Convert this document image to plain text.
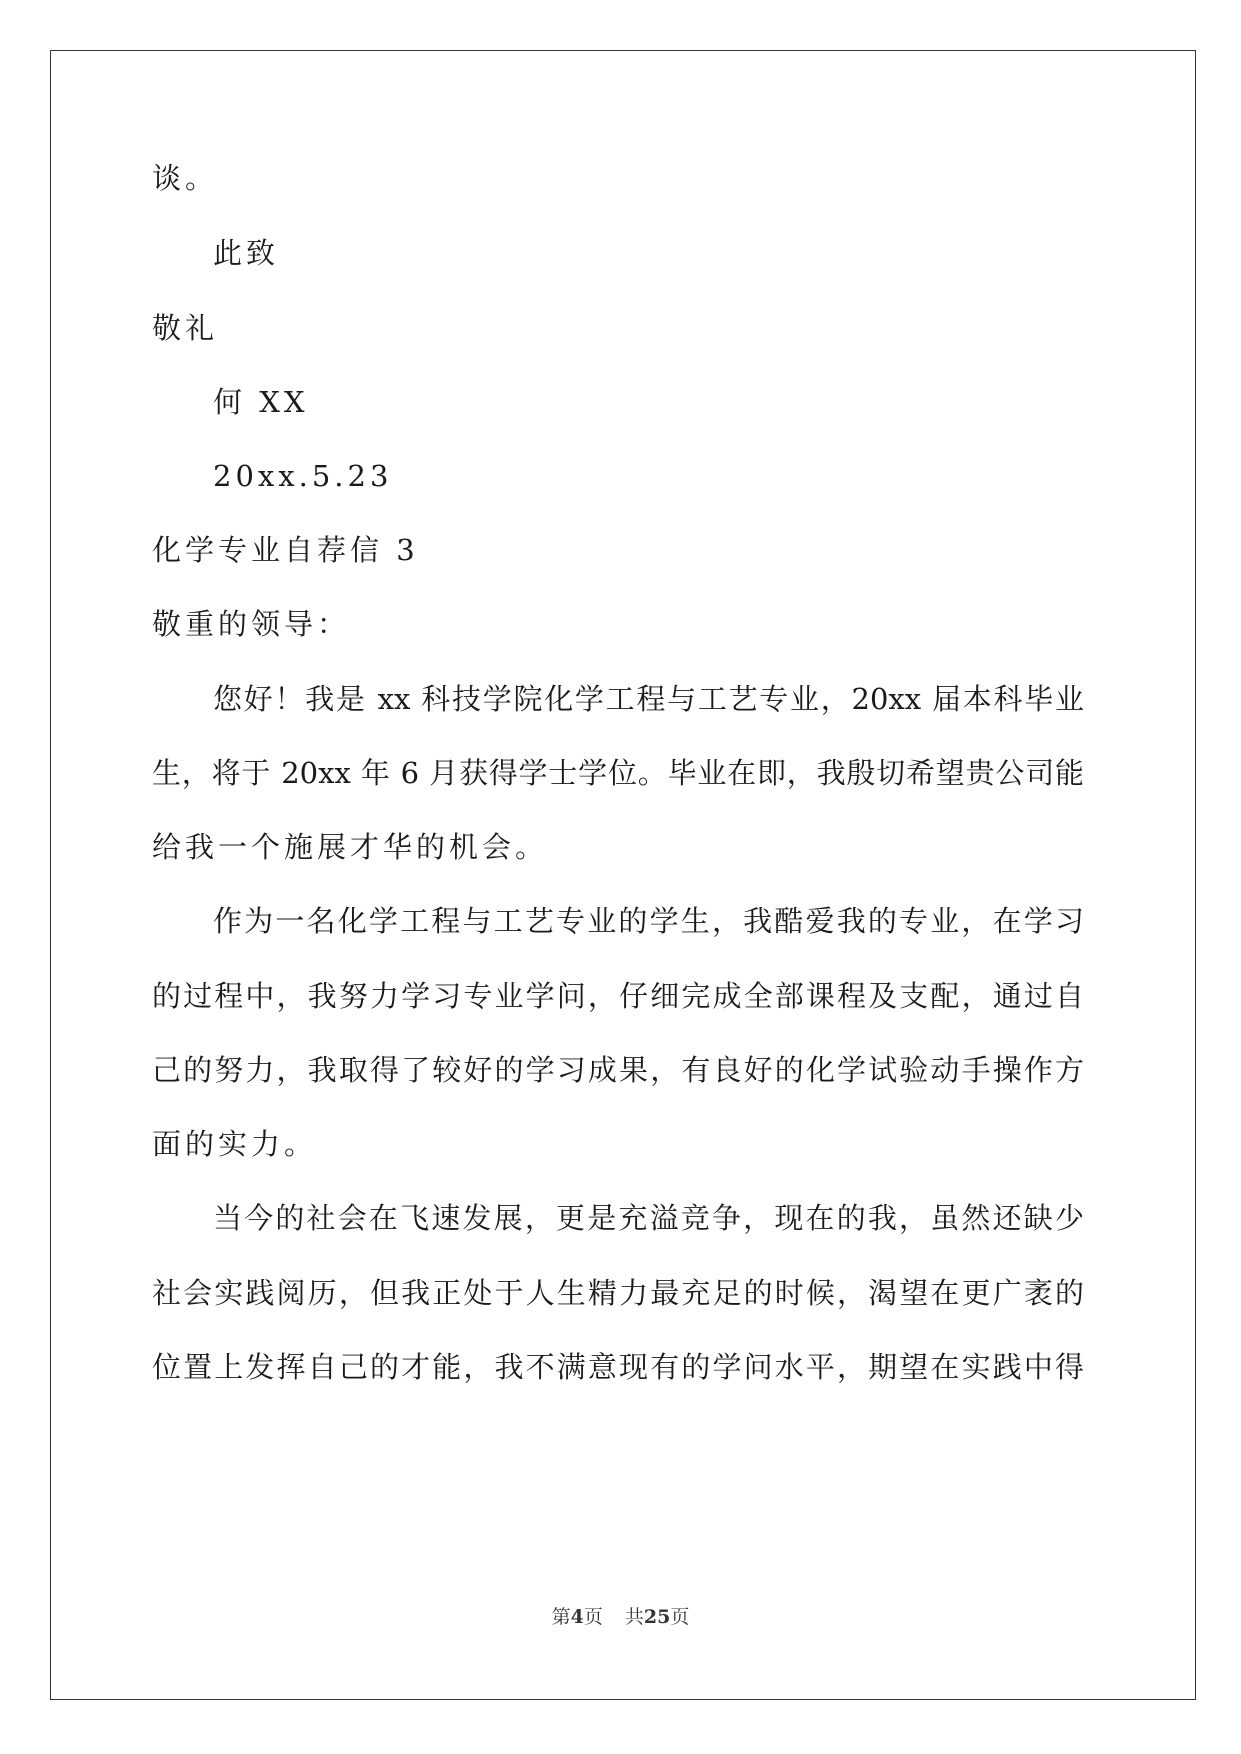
谈。
此致
敬礼
何 XX
20xx.5.23
化学专业自荐信 3
敬重的领导：
您好！我是 xx 科技学院化学工程与工艺专业，20xx 届本科毕业
生，将于 20xx 年 6 月获得学士学位。毕业在即，我殷切希望贵公司能
给我一个施展才华的机会。
作为一名化学工程与工艺专业的学生，我酷爱我的专业，在学习
的过程中，我努力学习专业学问，仔细完成全部课程及支配，通过自
己的努力，我取得了较好的学习成果，有良好的化学试验动手操作方
面的实力。
当今的社会在飞速发展，更是充溢竞争，现在的我，虽然还缺少
社会实践阅历，但我正处于人生精力最充足的时候，渴望在更广袤的
位置上发挥自己的才能，我不满意现有的学问水平，期望在实践中得
第4页 共25页
